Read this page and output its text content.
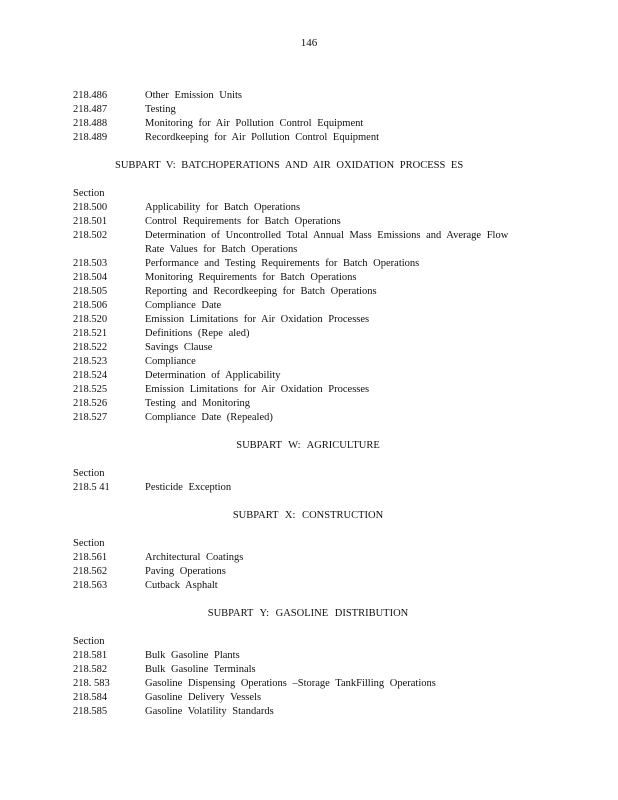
146
218.486	Other Emission Units
218.487	Testing
218.488	Monitoring for Air Pollution Control Equipment
218.489	Recordkeeping for Air Pollution Control Equipment
SUBPART V: BATCHOPERATIONS AND AIR OXIDATION PROCESS ES
Section
218.500	Applicability for Batch Operations
218.501	Control Requirements for Batch Operations
218.502	Determination of Uncontrolled Total Annual Mass Emissions and Average Flow
Rate Values for Batch Operations
218.503	Performance and Testing Requirements for Batch Operations
218.504	Monitoring Requirements for Batch Operations
218.505	Reporting and Recordkeeping for Batch Operations
218.506	Compliance Date
218.520	Emission Limitations for Air Oxidation Processes
218.521	Definitions (Repe aled)
218.522	Savings Clause
218.523	Compliance
218.524	Determination of Applicability
218.525	Emission Limitations for Air Oxidation Processes
218.526	Testing and Monitoring
218.527	Compliance Date (Repealed)
SUBPART W: AGRICULTURE
Section
218.5 41	Pesticide Exception
SUBPART X: CONSTRUCTION
Section
218.561	Architectural Coatings
218.562	Paving Operations
218.563	Cutback Asphalt
SUBPART Y: GASOLINE DISTRIBUTION
Section
218.581	Bulk Gasoline Plants
218.582	Bulk Gasoline Terminals
218. 583	Gasoline Dispensing Operations –Storage TankFilling Operations
218.584	Gasoline Delivery Vessels
218.585	Gasoline Volatility Standards
